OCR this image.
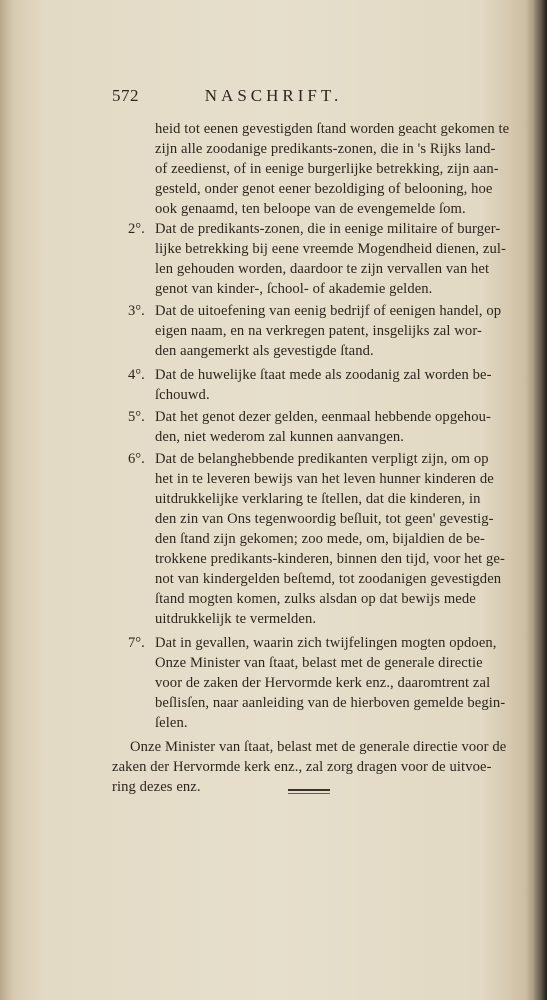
572	NASCHRIFT.
heid tot eenen gevestigden ſtand worden geacht gekomen te
zijn alle zoodanige predikants-zonen, die in 's Rijks land-
of zeedienst, of in eenige burgerlijke betrekking, zijn aan-
gesteld, onder genot eener bezoldiging of belooning, hoe
ook genaamd, ten beloope van de evengemelde ſom.
2°. Dat de predikants-zonen, die in eenige militaire of burger-
lijke betrekking bij eene vreemde Mogendheid dienen, zul-
len gehouden worden, daardoor te zijn vervallen van het
genot van kinder-, ſchool- of akademie gelden.
3°. Dat de uitoefening van eenig bedrijf of eenigen handel, op
eigen naam, en na verkregen patent, insgelijks zal wor-
den aangemerkt als gevestigde ſtand.
4°. Dat de huwelijke ſtaat mede als zoodanig zal worden be-
ſchouwd.
5°. Dat het genot dezer gelden, eenmaal hebbende opgehou-
den, niet wederom zal kunnen aanvangen.
6°. Dat de belanghebbende predikanten verpligt zijn, om op
het in te leveren bewijs van het leven hunner kinderen de
uitdrukkelijke verklaring te ſtellen, dat die kinderen, in
den zin van Ons tegenwoordig beſluit, tot geen' gevestig-
den ſtand zijn gekomen; zoo mede, om, bijaldien de be-
trokkene predikants-kinderen, binnen den tijd, voor het ge-
not van kindergelden beſtemd, tot zoodanigen gevestigden
ſtand mogten komen, zulks alsdan op dat bewijs mede
uitdrukkelijk te vermelden.
7°. Dat in gevallen, waarin zich twijfelingen mogten opdoen,
Onze Minister van ſtaat, belast met de generale directie
voor de zaken der Hervormde kerk enz., daaromtrent zal
beſlisſen, naar aanleiding van de hierboven gemelde begin-
ſelen.
Onze Minister van ſtaat, belast met de generale directie voor de
zaken der Hervormde kerk enz., zal zorg dragen voor de uitvoe-
ring dezes enz.
